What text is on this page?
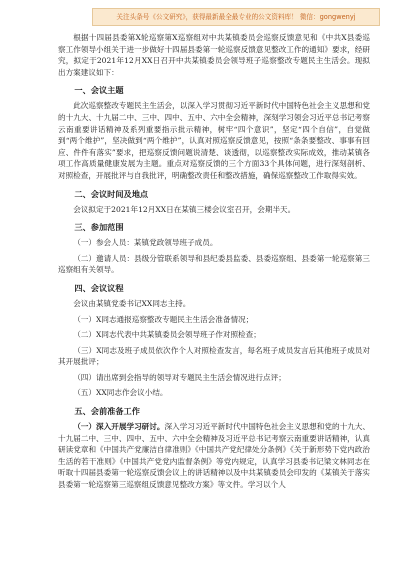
关注头条号《公文研究》，获得最新最全最专业的公文资料库！ 微信：gongwenyj

根据十四届县委第X轮巡察第X巡察组对中共某镇委员会巡察反馈意见和《中共X县委巡察工作领导小组关于进一步做好十四届县委第一轮巡察反馈意见整改工作的通知》要求，经研究，拟定于2021年12月XX日召开中共某镇委员会领导班子巡察整改专题民主生活会。现拟出方案建议如下：

一、会议主题

此次巡察整改专题民主生活会，以深入学习贯彻习近平新时代中国特色社会主义思想和党的十九大、十九届二中、三中、四中、五中、六中全会精神，深刻学习领会习近平总书记考察云南重要讲话精神及系列重要指示批示精神，树牢“四个意识”，坚定“四个自信”，自觉做到“两个维护”，坚决做到“两个维护”，认真对照巡察反馈意见，按照“条条要整改、事事有回应、件件有落实”要求，把巡察反馈问题说清楚、谈透彻，以巡察整改实际成效，推动某镇各项工作高质量健康发展为主题。重点对巡察反馈的三个方面33个具体问题，进行深刻剖析、对照检查，开展批评与自我批评，明确整改责任和整改措施，确保巡察整改工作取得实效。

二、会议时间及地点

会议拟定于2021年12月XX日在某镇三楼会议室召开，会期半天。

三、参加范围

（一）参会人员：某镇党政领导班子成员。

（二）邀请人员：县级分管联系领导和县纪委县监委、县委巡察组、县委第一轮巡察第三巡察组有关领导。

四、会议议程

会议由某镇党委书记XX同志主持。

（一）X同志通报巡察整改专题民主生活会准备情况；

（二）X同志代表中共某镇委员会领导班子作对照检查；

（三）X同志及班子成员依次作个人对照检查发言，每名班子成员发言后其他班子成员对其开展批评；

（四）请出席到会指导的领导对专题民主生活会情况进行点评；

（五）XX同志作会议小结。

五、会前准备工作

（一）深入开展学习研讨。深入学习习近平新时代中国特色社会主义思想和党的十九大、十九届二中、三中、四中、五中、六中全会精神及习近平总书记考察云南重要讲话精神，认真研读党章和《中国共产党廉洁自律准则》《中国共产党纪律处分条例》《关于新形势下党内政治生活的若干准则》《中国共产党党内监督条例》等党内规定，认真学习县委书记梁文林同志在听取十四届县委第一轮巡察反馈会议上的讲话精神以及中共某镇委员会印发的《某镇关于落实县委第一轮巡察第三巡察组反馈意见整改方案》等文件。学习以个人
